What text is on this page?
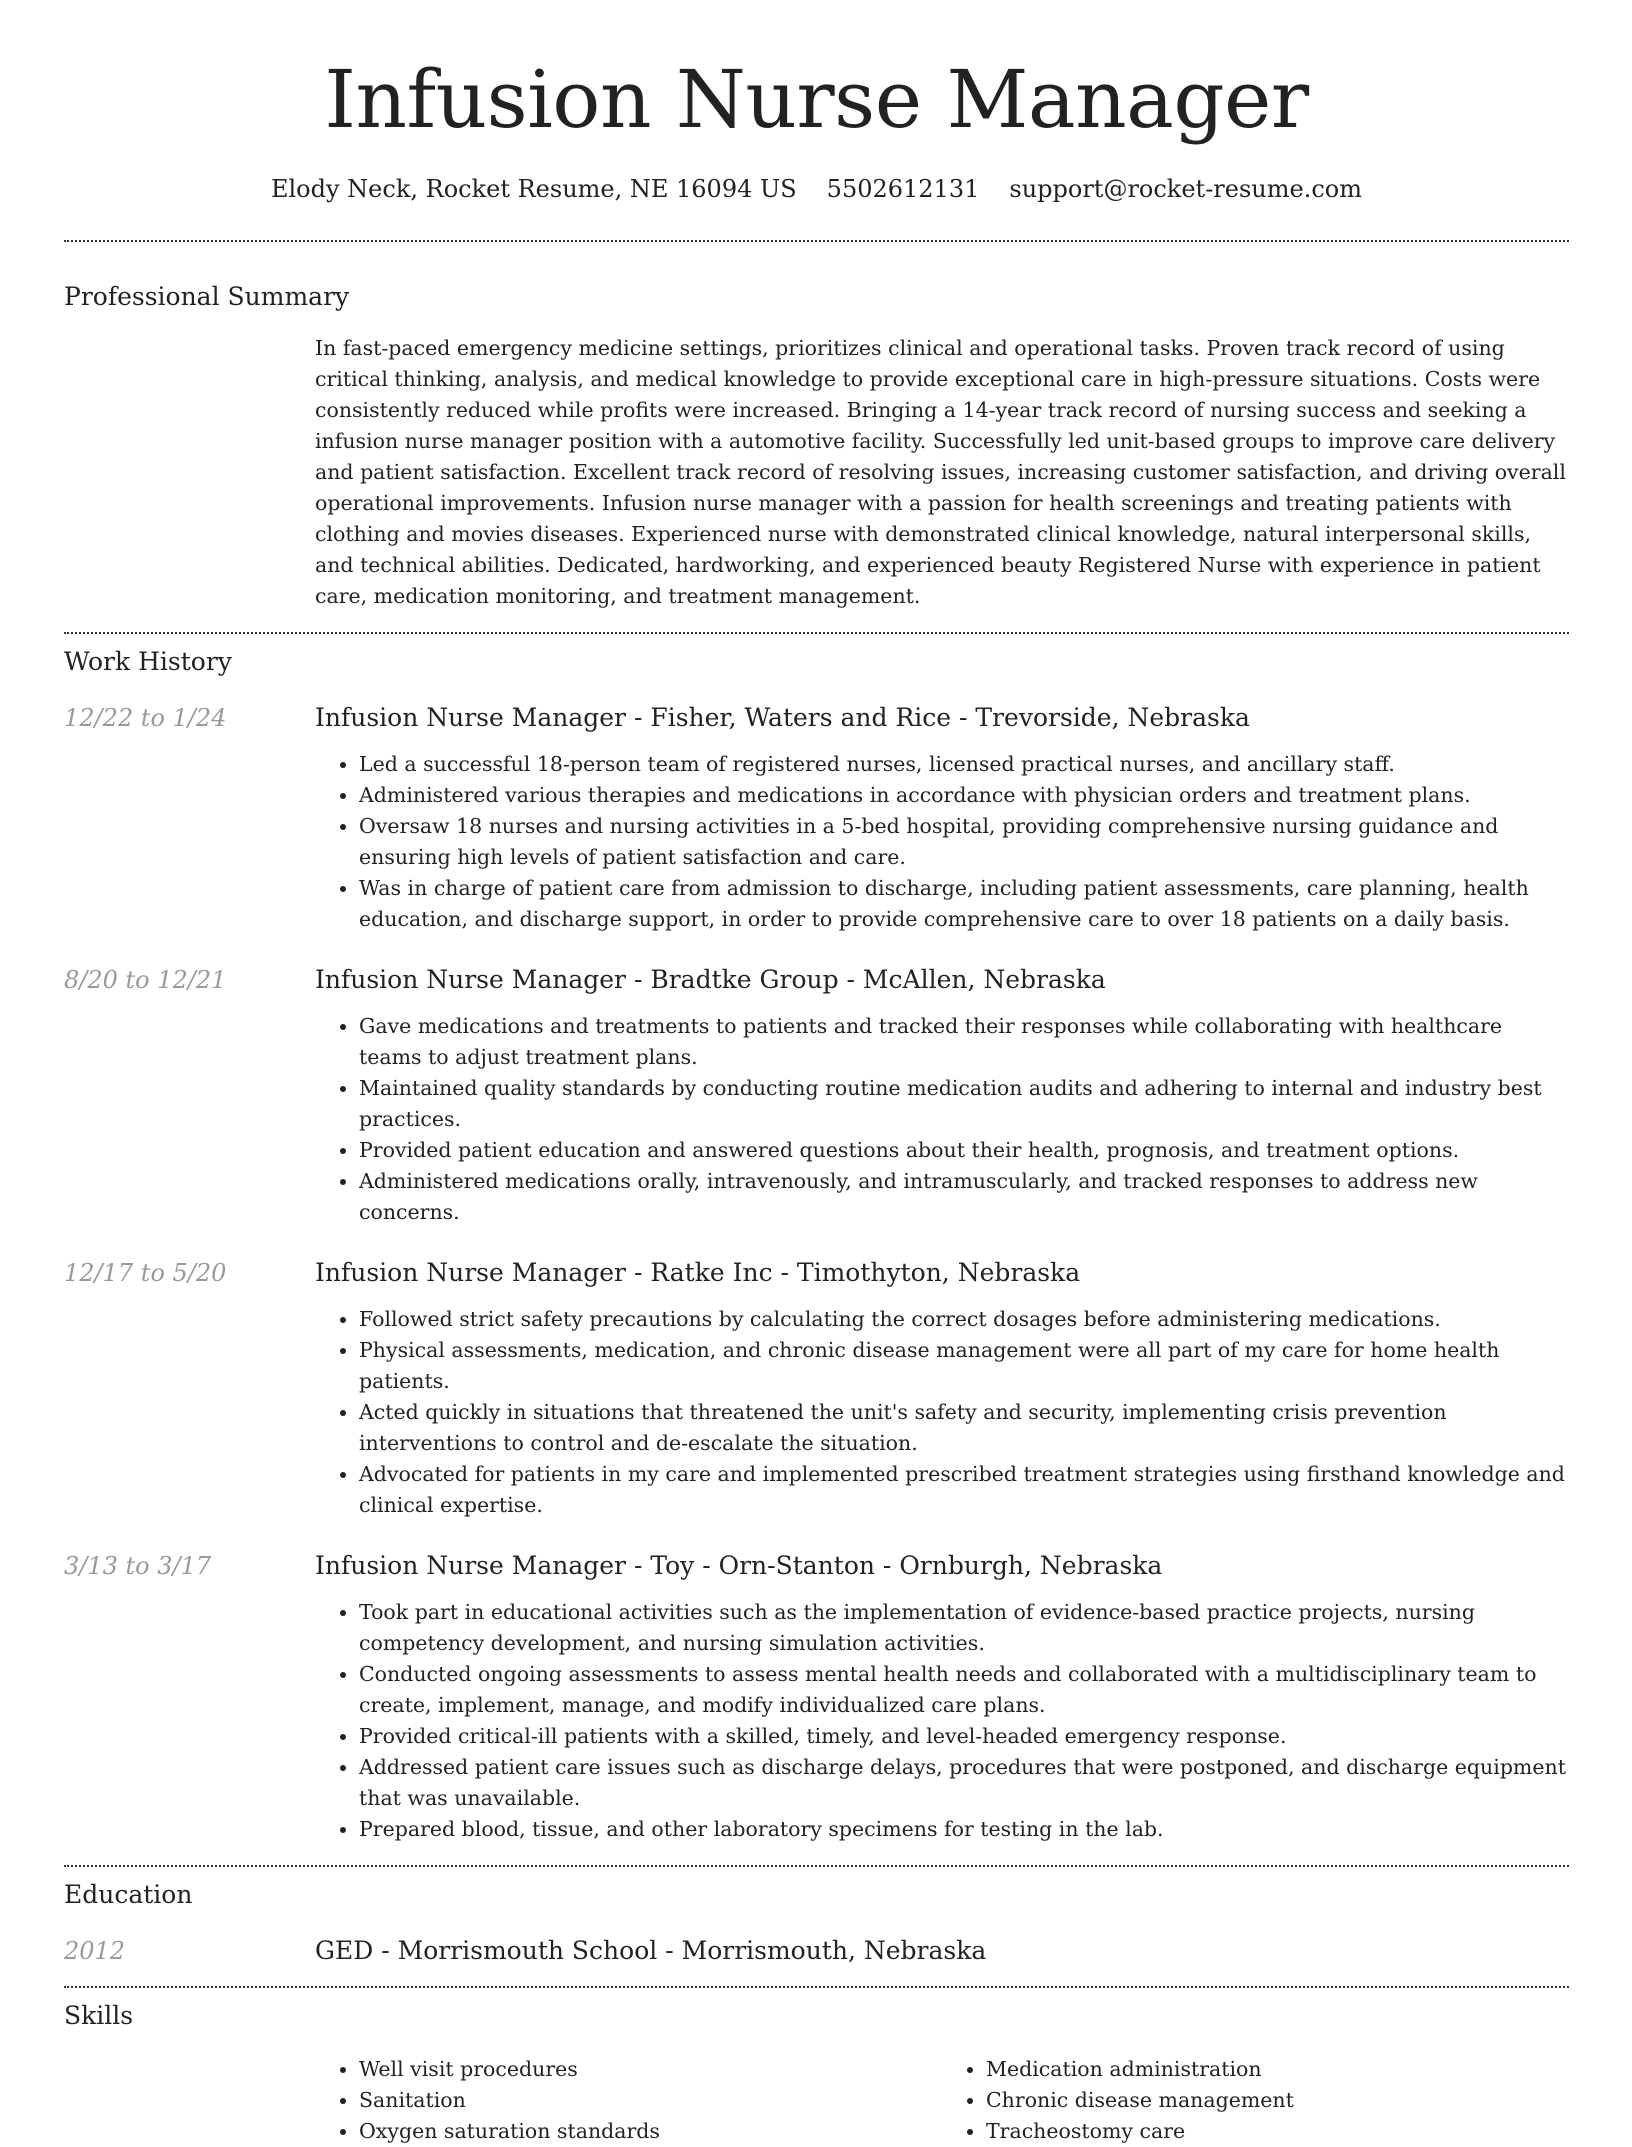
Infusion Nurse Manager
Elody Neck, Rocket Resume, NE 16094 US 5502612131 support@rocket-resume.com
Professional Summary
In fast-paced emergency medicine settings, prioritizes clinical and operational tasks. Proven track record of using critical thinking, analysis, and medical knowledge to provide exceptional care in high-pressure situations. Costs were consistently reduced while profits were increased. Bringing a 14-year track record of nursing success and seeking a infusion nurse manager position with a automotive facility. Successfully led unit-based groups to improve care delivery and patient satisfaction. Excellent track record of resolving issues, increasing customer satisfaction, and driving overall operational improvements. Infusion nurse manager with a passion for health screenings and treating patients with clothing and movies diseases. Experienced nurse with demonstrated clinical knowledge, natural interpersonal skills, and technical abilities. Dedicated, hardworking, and experienced beauty Registered Nurse with experience in patient care, medication monitoring, and treatment management.
Work History
12/22 to 1/24	Infusion Nurse Manager - Fisher, Waters and Rice - Trevorside, Nebraska
• Led a successful 18-person team of registered nurses, licensed practical nurses, and ancillary staff.
• Administered various therapies and medications in accordance with physician orders and treatment plans.
• Oversaw 18 nurses and nursing activities in a 5-bed hospital, providing comprehensive nursing guidance and ensuring high levels of patient satisfaction and care.
• Was in charge of patient care from admission to discharge, including patient assessments, care planning, health education, and discharge support, in order to provide comprehensive care to over 18 patients on a daily basis.
8/20 to 12/21	Infusion Nurse Manager - Bradtke Group - McAllen, Nebraska
• Gave medications and treatments to patients and tracked their responses while collaborating with healthcare teams to adjust treatment plans.
• Maintained quality standards by conducting routine medication audits and adhering to internal and industry best practices.
• Provided patient education and answered questions about their health, prognosis, and treatment options.
• Administered medications orally, intravenously, and intramuscularly, and tracked responses to address new concerns.
12/17 to 5/20	Infusion Nurse Manager - Ratke Inc - Timothyton, Nebraska
• Followed strict safety precautions by calculating the correct dosages before administering medications.
• Physical assessments, medication, and chronic disease management were all part of my care for home health patients.
• Acted quickly in situations that threatened the unit's safety and security, implementing crisis prevention interventions to control and de-escalate the situation.
• Advocated for patients in my care and implemented prescribed treatment strategies using firsthand knowledge and clinical expertise.
3/13 to 3/17	Infusion Nurse Manager - Toy - Orn-Stanton - Ornburgh, Nebraska
• Took part in educational activities such as the implementation of evidence-based practice projects, nursing competency development, and nursing simulation activities.
• Conducted ongoing assessments to assess mental health needs and collaborated with a multidisciplinary team to create, implement, manage, and modify individualized care plans.
• Provided critical-ill patients with a skilled, timely, and level-headed emergency response.
• Addressed patient care issues such as discharge delays, procedures that were postponed, and discharge equipment that was unavailable.
• Prepared blood, tissue, and other laboratory specimens for testing in the lab.
Education
2012	GED - Morrismouth School - Morrismouth, Nebraska
Skills
• Well visit procedures
• Sanitation
• Oxygen saturation standards
• Medication administration
• Chronic disease management
• Tracheostomy care
